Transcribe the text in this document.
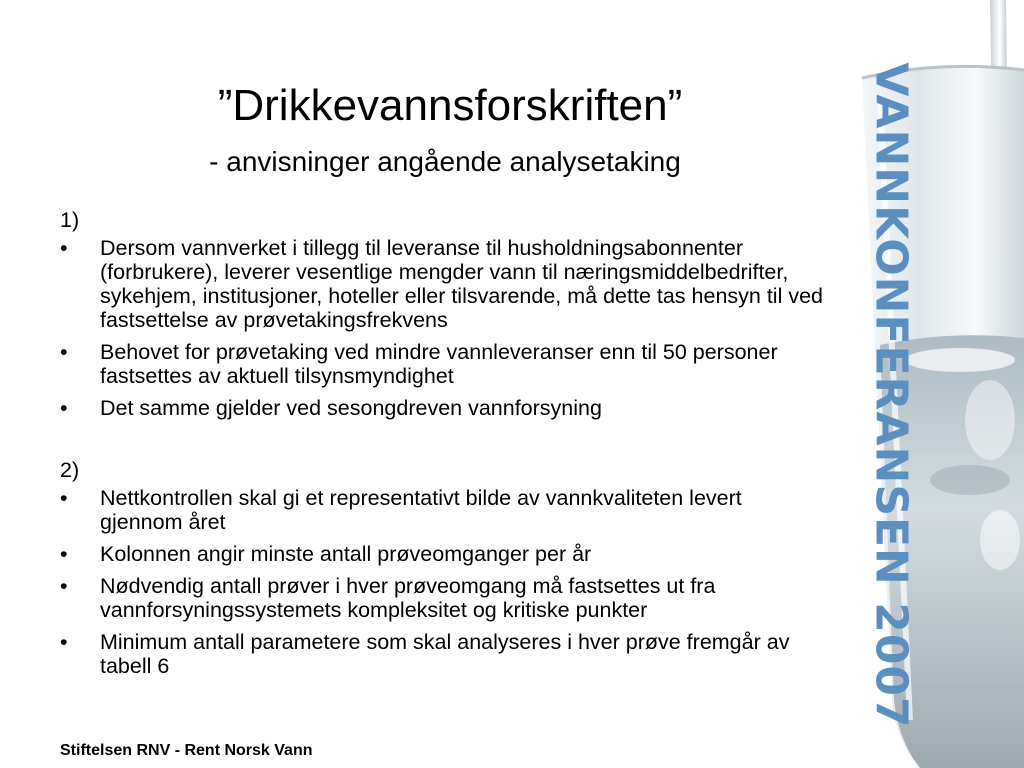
VANNKONFERANSEN 2007
”Drikkevannsforskriften”
- anvisninger angående analysetaking
1)
• Dersom vannverket i tillegg til leveranse til husholdningsabonnenter (forbrukere), leverer vesentlige mengder vann til næringsmiddelbedrifter, sykehjem, institusjoner, hoteller eller tilsvarende, må dette tas hensyn til ved fastsettelse av prøvetakingsfrekvens
• Behovet for prøvetaking ved mindre vannleveranser enn til 50 personer fastsettes av aktuell tilsynsmyndighet
• Det samme gjelder ved sesongdreven vannforsyning
2)
• Nettkontrollen skal gi et representativt bilde av vannkvaliteten levert gjennom året
• Kolonnen angir minste antall prøveomganger per år
• Nødvendig antall prøver i hver prøveomgang må fastsettes ut fra vannforsyningssystemets kompleksitet og kritiske punkter
• Minimum antall parametere som skal analyseres i hver prøve fremgår av tabell 6
Stiftelsen RNV - Rent Norsk Vann
